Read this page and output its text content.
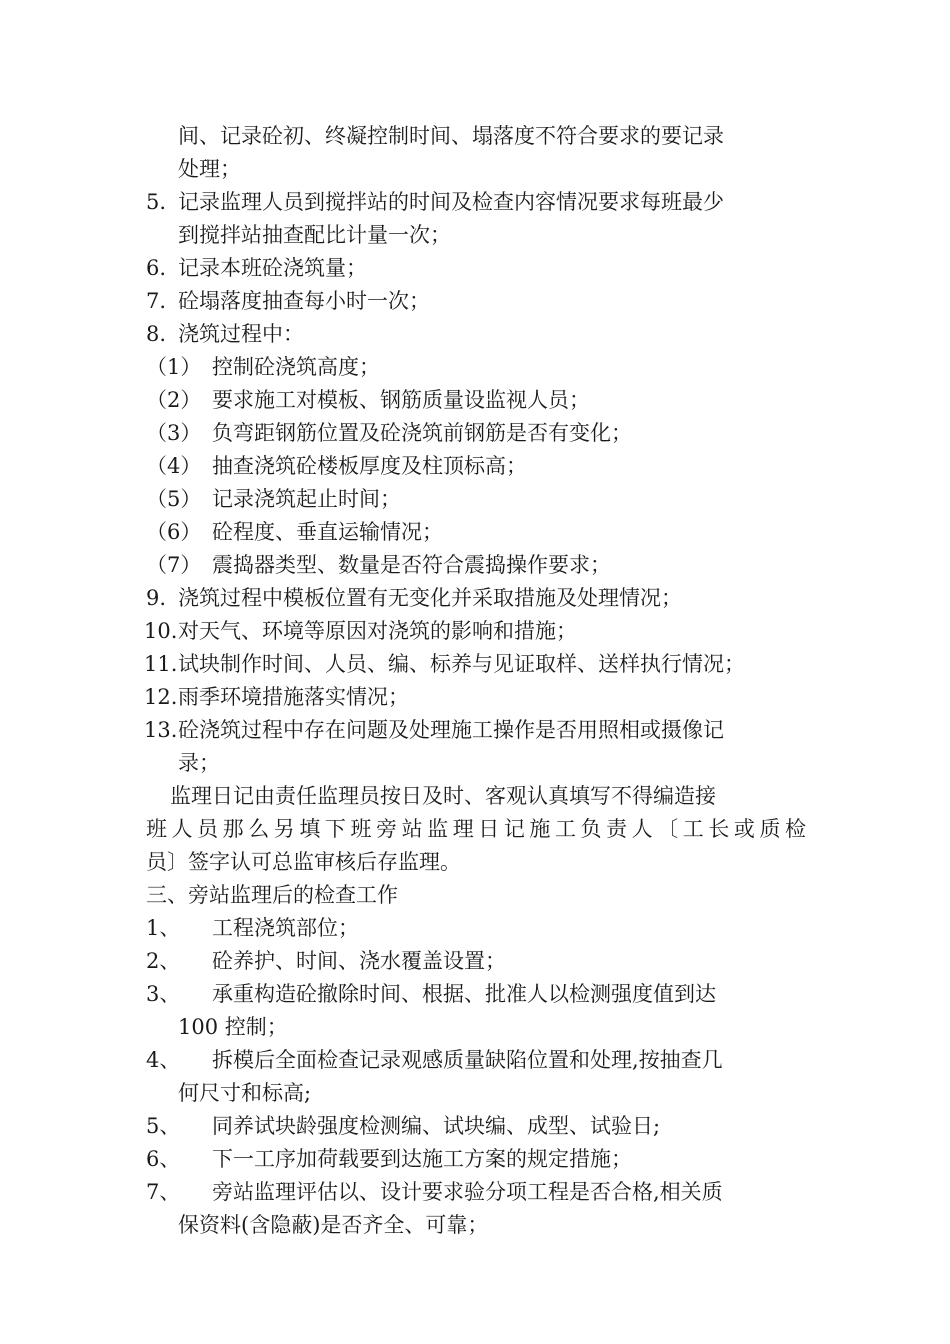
间、记录砼初、终凝控制时间、塌落度不符合要求的要记录
处理；
5. 记录监理人员到搅拌站的时间及检查内容情况要求每班最少
到搅拌站抽查配比计量一次；
6. 记录本班砼浇筑量；
7. 砼塌落度抽查每小时一次；
8. 浇筑过程中：
（1） 控制砼浇筑高度；
（2） 要求施工对模板、钢筋质量设监视人员；
（3） 负弯距钢筋位置及砼浇筑前钢筋是否有变化；
（4） 抽查浇筑砼楼板厚度及柱顶标高；
（5） 记录浇筑起止时间；
（6） 砼程度、垂直运输情况；
（7） 震捣器类型、数量是否符合震捣操作要求；
9. 浇筑过程中模板位置有无变化并采取措施及处理情况；
10. 对天气、环境等原因对浇筑的影响和措施；
11. 试块制作时间、人员、编、标养与见证取样、送样执行情况；
12. 雨季环境措施落实情况；
13. 砼浇筑过程中存在问题及处理施工操作是否用照相或摄像记
录；
监理日记由责任监理员按日及时、客观认真填写不得编造接
班人员那么另填下班旁站监理日记施工负责人〔工长或质检
员〕签字认可总监审核后存监理。
三、旁站监理后的检查工作
1、 工程浇筑部位；
2、 砼养护、时间、浇水覆盖设置；
3、 承重构造砼撤除时间、根据、批准人以检测强度值到达
100 控制；
4、 拆模后全面检查记录观感质量缺陷位置和处理,按抽查几
何尺寸和标高;
5、 同养试块龄强度检测编、试块编、成型、试验日;
6、 下一工序加荷载要到达施工方案的规定措施；
7、 旁站监理评估以、设计要求验分项工程是否合格,相关质
保资料(含隐蔽)是否齐全、可靠；
